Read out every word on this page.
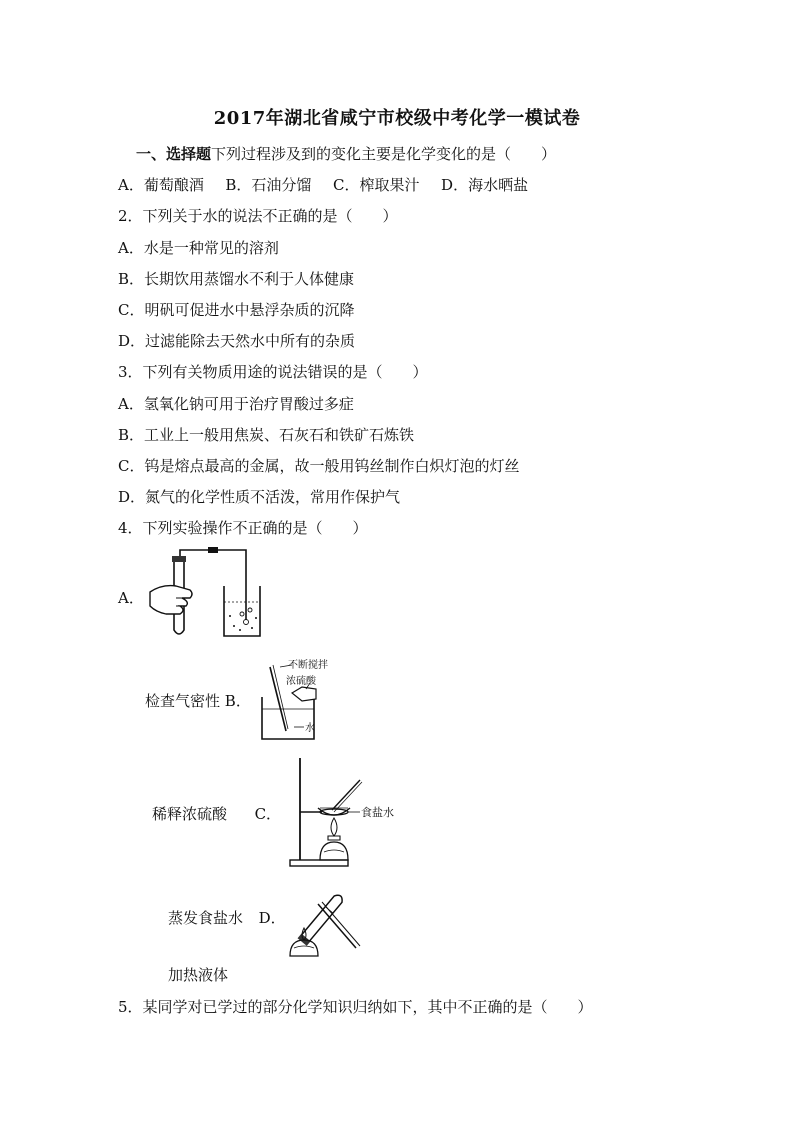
2017年湖北省咸宁市校级中考化学一模试卷
一、选择题下列过程涉及到的变化主要是化学变化的是（　　）
A．葡萄酿酒 B．石油分馏 C．榨取果汁 D．海水晒盐
2．下列关于水的说法不正确的是（　　）
A．水是一种常见的溶剂
B．长期饮用蒸馏水不利于人体健康
C．明矾可促进水中悬浮杂质的沉降
D．过滤能除去天然水中所有的杂质
3．下列有关物质用途的说法错误的是（　　）
A．氢氧化钠可用于治疗胃酸过多症
B．工业上一般用焦炭、石灰石和铁矿石炼铁
C．钨是熔点最高的金属，故一般用钨丝制作白炽灯泡的灯丝
D．氮气的化学性质不活泼，常用作保护气
4．下列实验操作不正确的是（　　）
A．
检查气密性 B．
不断搅拌
浓硫酸
水
稀释浓硫酸 C．	食盐水
蒸发食盐水 D．
加热液体
5．某同学对已学过的部分化学知识归纳如下，其中不正确的是（　　）
